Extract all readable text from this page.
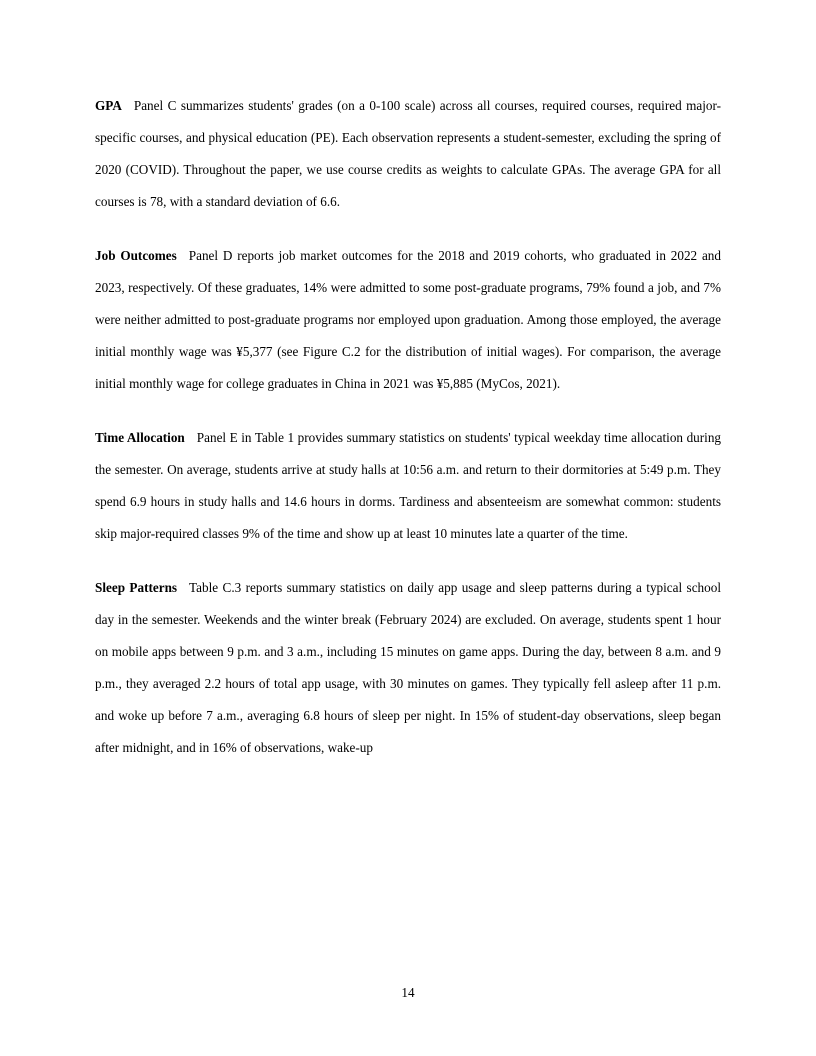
GPA Panel C summarizes students' grades (on a 0-100 scale) across all courses, required courses, required major-specific courses, and physical education (PE). Each observation represents a student-semester, excluding the spring of 2020 (COVID). Throughout the paper, we use course credits as weights to calculate GPAs. The average GPA for all courses is 78, with a standard deviation of 6.6.

Job Outcomes Panel D reports job market outcomes for the 2018 and 2019 cohorts, who graduated in 2022 and 2023, respectively. Of these graduates, 14% were admitted to some post-graduate programs, 79% found a job, and 7% were neither admitted to post-graduate programs nor employed upon graduation. Among those employed, the average initial monthly wage was ¥5,377 (see Figure C.2 for the distribution of initial wages). For comparison, the average initial monthly wage for college graduates in China in 2021 was ¥5,885 (MyCos, 2021).

Time Allocation Panel E in Table 1 provides summary statistics on students' typical weekday time allocation during the semester. On average, students arrive at study halls at 10:56 a.m. and return to their dormitories at 5:49 p.m. They spend 6.9 hours in study halls and 14.6 hours in dorms. Tardiness and absenteeism are somewhat common: students skip major-required classes 9% of the time and show up at least 10 minutes late a quarter of the time.

Sleep Patterns Table C.3 reports summary statistics on daily app usage and sleep patterns during a typical school day in the semester. Weekends and the winter break (February 2024) are excluded. On average, students spent 1 hour on mobile apps between 9 p.m. and 3 a.m., including 15 minutes on game apps. During the day, between 8 a.m. and 9 p.m., they averaged 2.2 hours of total app usage, with 30 minutes on games. They typically fell asleep after 11 p.m. and woke up before 7 a.m., averaging 6.8 hours of sleep per night. In 15% of student-day observations, sleep began after midnight, and in 16% of observations, wake-up

14
